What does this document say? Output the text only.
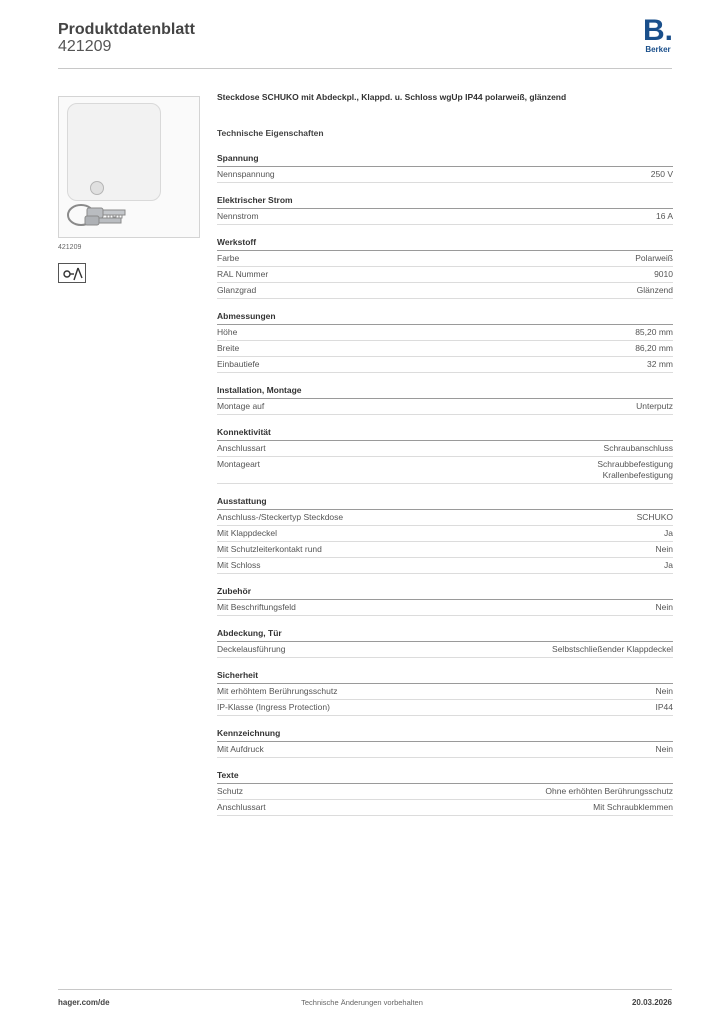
Produktdatenblatt
421209	B.
Berker
421209
Steckdose SCHUKO mit Abdeckpl., Klappd. u. Schloss wgUp IP44 polarweiß, glänzend
Technische Eigenschaften
Spannung
Nennspannung	250 V
Elektrischer Strom
Nennstrom	16 A
Werkstoff
Farbe	Polarweiß
RAL Nummer	9010
Glanzgrad	Glänzend
Abmessungen
Höhe	85,20 mm
Breite	86,20 mm
Einbautiefe	32 mm
Installation, Montage
Montage auf	Unterputz
Konnektivität
Anschlussart	Schraubanschluss
Montageart	Schraubbefestigung
Krallenbefestigung
Ausstattung
Anschluss-/Steckertyp Steckdose	SCHUKO
Mit Klappdeckel	Ja
Mit Schutzleiterkontakt rund	Nein
Mit Schloss	Ja
Zubehör
Mit Beschriftungsfeld	Nein
Abdeckung, Tür
Deckelausführung	Selbstschließender Klappdeckel
Sicherheit
Mit erhöhtem Berührungsschutz	Nein
IP-Klasse (Ingress Protection)	IP44
Kennzeichnung
Mit Aufdruck	Nein
Texte
Schutz	Ohne erhöhten Berührungsschutz
Anschlussart	Mit Schraubklemmen
Technische Änderungen vorbehalten
hager.com/de	20.03.2026
